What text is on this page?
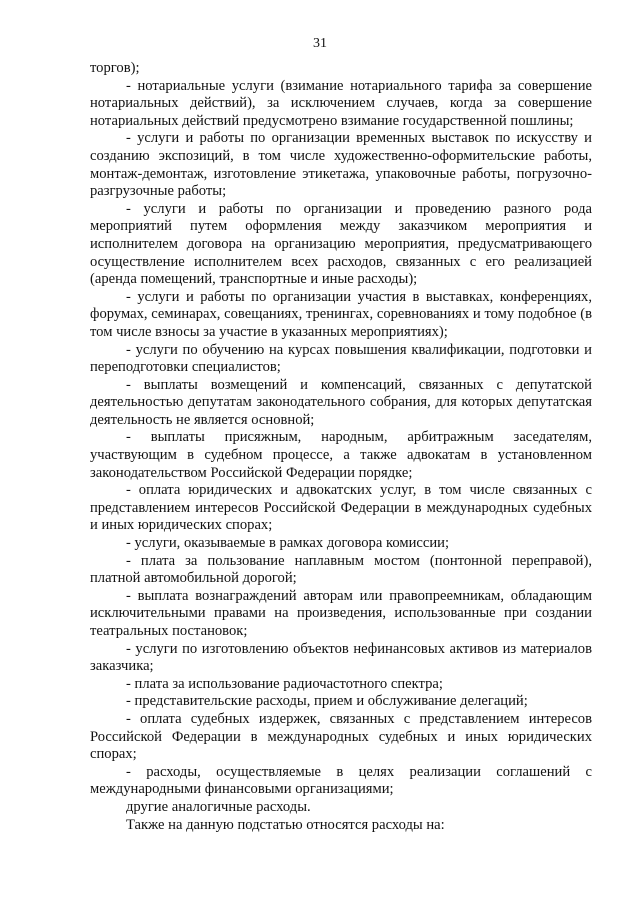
31

торгов);

- нотариальные услуги (взимание нотариального тарифа за совершение нотариальных действий), за исключением случаев, когда за совершение нотариальных действий предусмотрено взимание государственной пошлины;

- услуги и работы по организации временных выставок по искусству и созданию экспозиций, в том числе художественно-оформительские работы, монтаж-демонтаж, изготовление этикетажа, упаковочные работы, погрузочно-разгрузочные работы;

- услуги и работы по организации и проведению разного рода мероприятий путем оформления между заказчиком мероприятия и исполнителем договора на организацию мероприятия, предусматривающего осуществление исполнителем всех расходов, связанных с его реализацией (аренда помещений, транспортные и иные расходы);

- услуги и работы по организации участия в выставках, конференциях, форумах, семинарах, совещаниях, тренингах, соревнованиях и тому подобное (в том числе взносы за участие в указанных мероприятиях);

- услуги по обучению на курсах повышения квалификации, подготовки и переподготовки специалистов;

- выплаты возмещений и компенсаций, связанных с депутатской деятельностью депутатам законодательного собрания, для которых депутатская деятельность не является основной;

- выплаты присяжным, народным, арбитражным заседателям, участвующим в судебном процессе, а также адвокатам в установленном законодательством Российской Федерации порядке;

- оплата юридических и адвокатских услуг, в том числе связанных с представлением интересов Российской Федерации в международных судебных и иных юридических спорах;

- услуги, оказываемые в рамках договора комиссии;

- плата за пользование наплавным мостом (понтонной переправой), платной автомобильной дорогой;

- выплата вознаграждений авторам или правопреемникам, обладающим исключительными правами на произведения, использованные при создании театральных постановок;

- услуги по изготовлению объектов нефинансовых активов из материалов заказчика;

- плата за использование радиочастотного спектра;

- представительские расходы, прием и обслуживание делегаций;

- оплата судебных издержек, связанных с представлением интересов Российской Федерации в международных судебных и иных юридических спорах;

- расходы, осуществляемые в целях реализации соглашений с международными финансовыми организациями;

другие аналогичные расходы.

Также на данную подстатью относятся расходы на:
